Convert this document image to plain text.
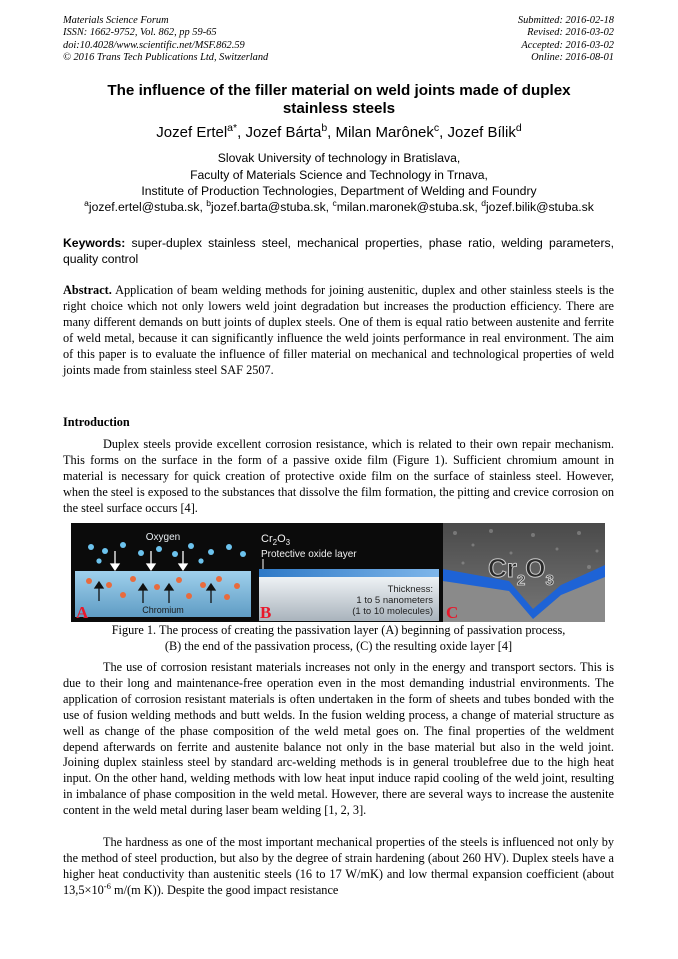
Materials Science Forum
ISSN: 1662-9752, Vol. 862, pp 59-65
doi:10.4028/www.scientific.net/MSF.862.59
© 2016 Trans Tech Publications Ltd, Switzerland
Submitted: 2016-02-18
Revised: 2016-03-02
Accepted: 2016-03-02
Online: 2016-08-01
The influence of the filler material on weld joints made of duplex
stainless steels
Jozef Ertel$^{a*}$, Jozef Bárta$^b$, Milan Marônek$^c$, Jozef Bílik$^d$
Slovak University of technology in Bratislava,
Faculty of Materials Science and Technology in Trnava,
Institute of Production Technologies, Department of Welding and Foundry
$^a$jozef.ertel@stuba.sk, $^b$jozef.barta@stuba.sk, $^c$milan.maronek@stuba.sk, $^d$jozef.bilik@stuba.sk
Keywords: super-duplex stainless steel, mechanical properties, phase ratio, welding parameters, quality control
Abstract. Application of beam welding methods for joining austenitic, duplex and other stainless steels is the right choice which not only lowers weld joint degradation but increases the production efficiency. There are many different demands on butt joints of duplex steels. One of them is equal ratio between austenite and ferrite of weld metal, because it can significantly influence the weld joints performance in real environment. The aim of this paper is to evaluate the influence of filler material on mechanical and technological properties of weld joints made from stainless steel SAF 2507.
Introduction
Duplex steels provide excellent corrosion resistance, which is related to their own repair mechanism. This forms on the surface in the form of a passive oxide film (Figure 1). Sufficient chromium amount in material is necessary for quick creation of protective oxide film on the surface of stainless steel. However, when the steel is exposed to the substances that dissolve the film formation, the pitting and crevice corrosion on the steel surface occurs [4].
Oxygen
Chromium
A
$Cr_2O_3$
Protective oxide layer
Thickness:
1 to 5 nanometers
(1 to 10 molecules)
B
$Cr_2O_3$
C
Figure 1. The process of creating the passivation layer (A) beginning of passivation process,
(B) the end of the passivation process, (C) the resulting oxide layer [4]
The use of corrosion resistant materials increases not only in the energy and transport sectors. This is due to their long and maintenance-free operation even in the most demanding industrial environments. The application of corrosion resistant materials is often undertaken in the form of sheets and tubes bonded with the use of fusion welding methods and butt welds. In the fusion welding process, a change of material structure as well as change of the phase composition of the weld metal goes on. The final properties of the weldment depend afterwards on ferrite and austenite balance not only in the base material but also in the weld joint. Joining duplex stainless steel by standard arc-welding methods is in general troublefree due to the high heat input. On the other hand, welding methods with low heat input induce rapid cooling of the weld joint, resulting in imbalance of phase composition in the weld metal. However, there are several ways to increase the austenite content in the weld metal during laser beam welding [1, 2, 3].
The hardness as one of the most important mechanical properties of the steels is influenced not only by the method of steel production, but also by the degree of strain hardening (about 260 HV). Duplex steels have a higher heat conductivity than austenitic steels (16 to 17 W/mK) and low thermal expansion coefficient (about $13,5\times 10^{-6}$ m/(m K)). Despite the good impact resistance
